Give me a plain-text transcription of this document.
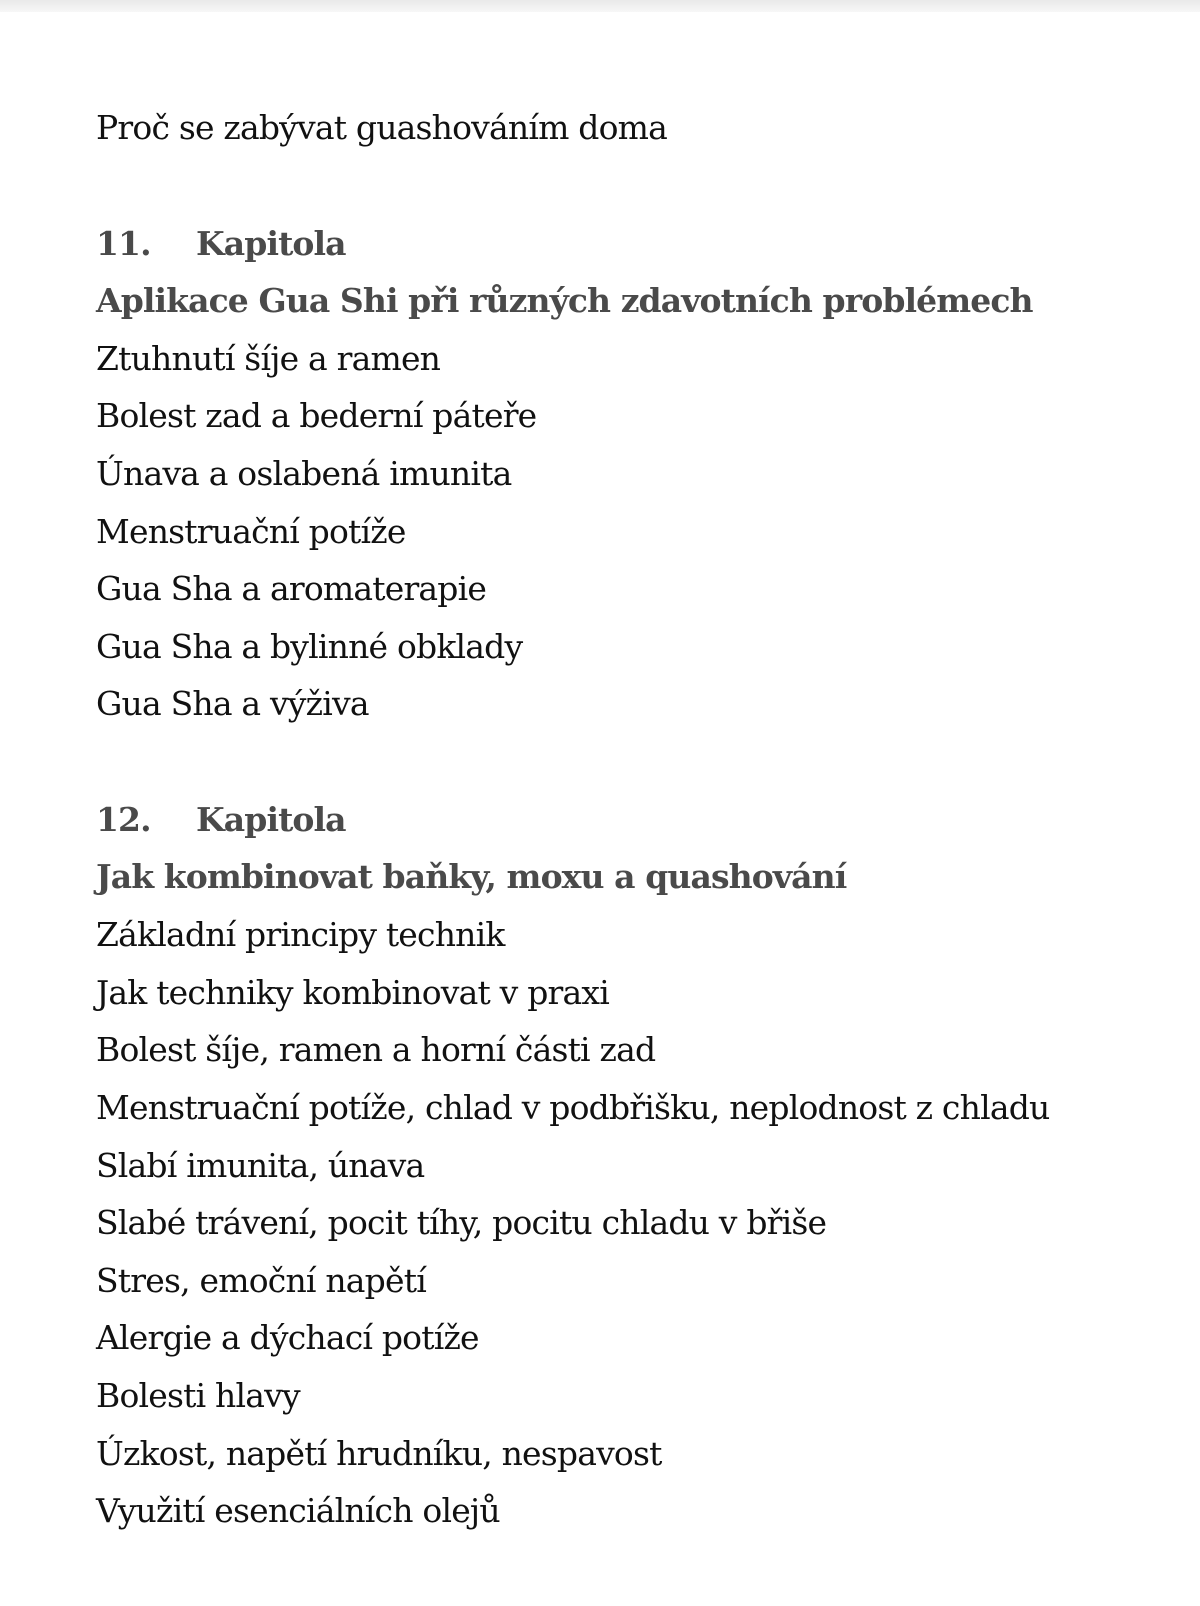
Proč se zabývat guashováním doma
11. Kapitola
Aplikace Gua Shi při různých zdavotních problémech
Ztuhnutí šíje a ramen
Bolest zad a bederní páteře
Únava a oslabená imunita
Menstruační potíže
Gua Sha a aromaterapie
Gua Sha a bylinné obklady
Gua Sha a výživa
12. Kapitola
Jak kombinovat baňky, moxu a quashování
Základní principy technik
Jak techniky kombinovat v praxi
Bolest šíje, ramen a horní části zad
Menstruační potíže, chlad v podbřišku, neplodnost z chladu
Slabí imunita, únava
Slabé trávení, pocit tíhy, pocitu chladu v břiše
Stres, emoční napětí
Alergie a dýchací potíže
Bolesti hlavy
Úzkost, napětí hrudníku, nespavost
Využití esenciálních olejů
